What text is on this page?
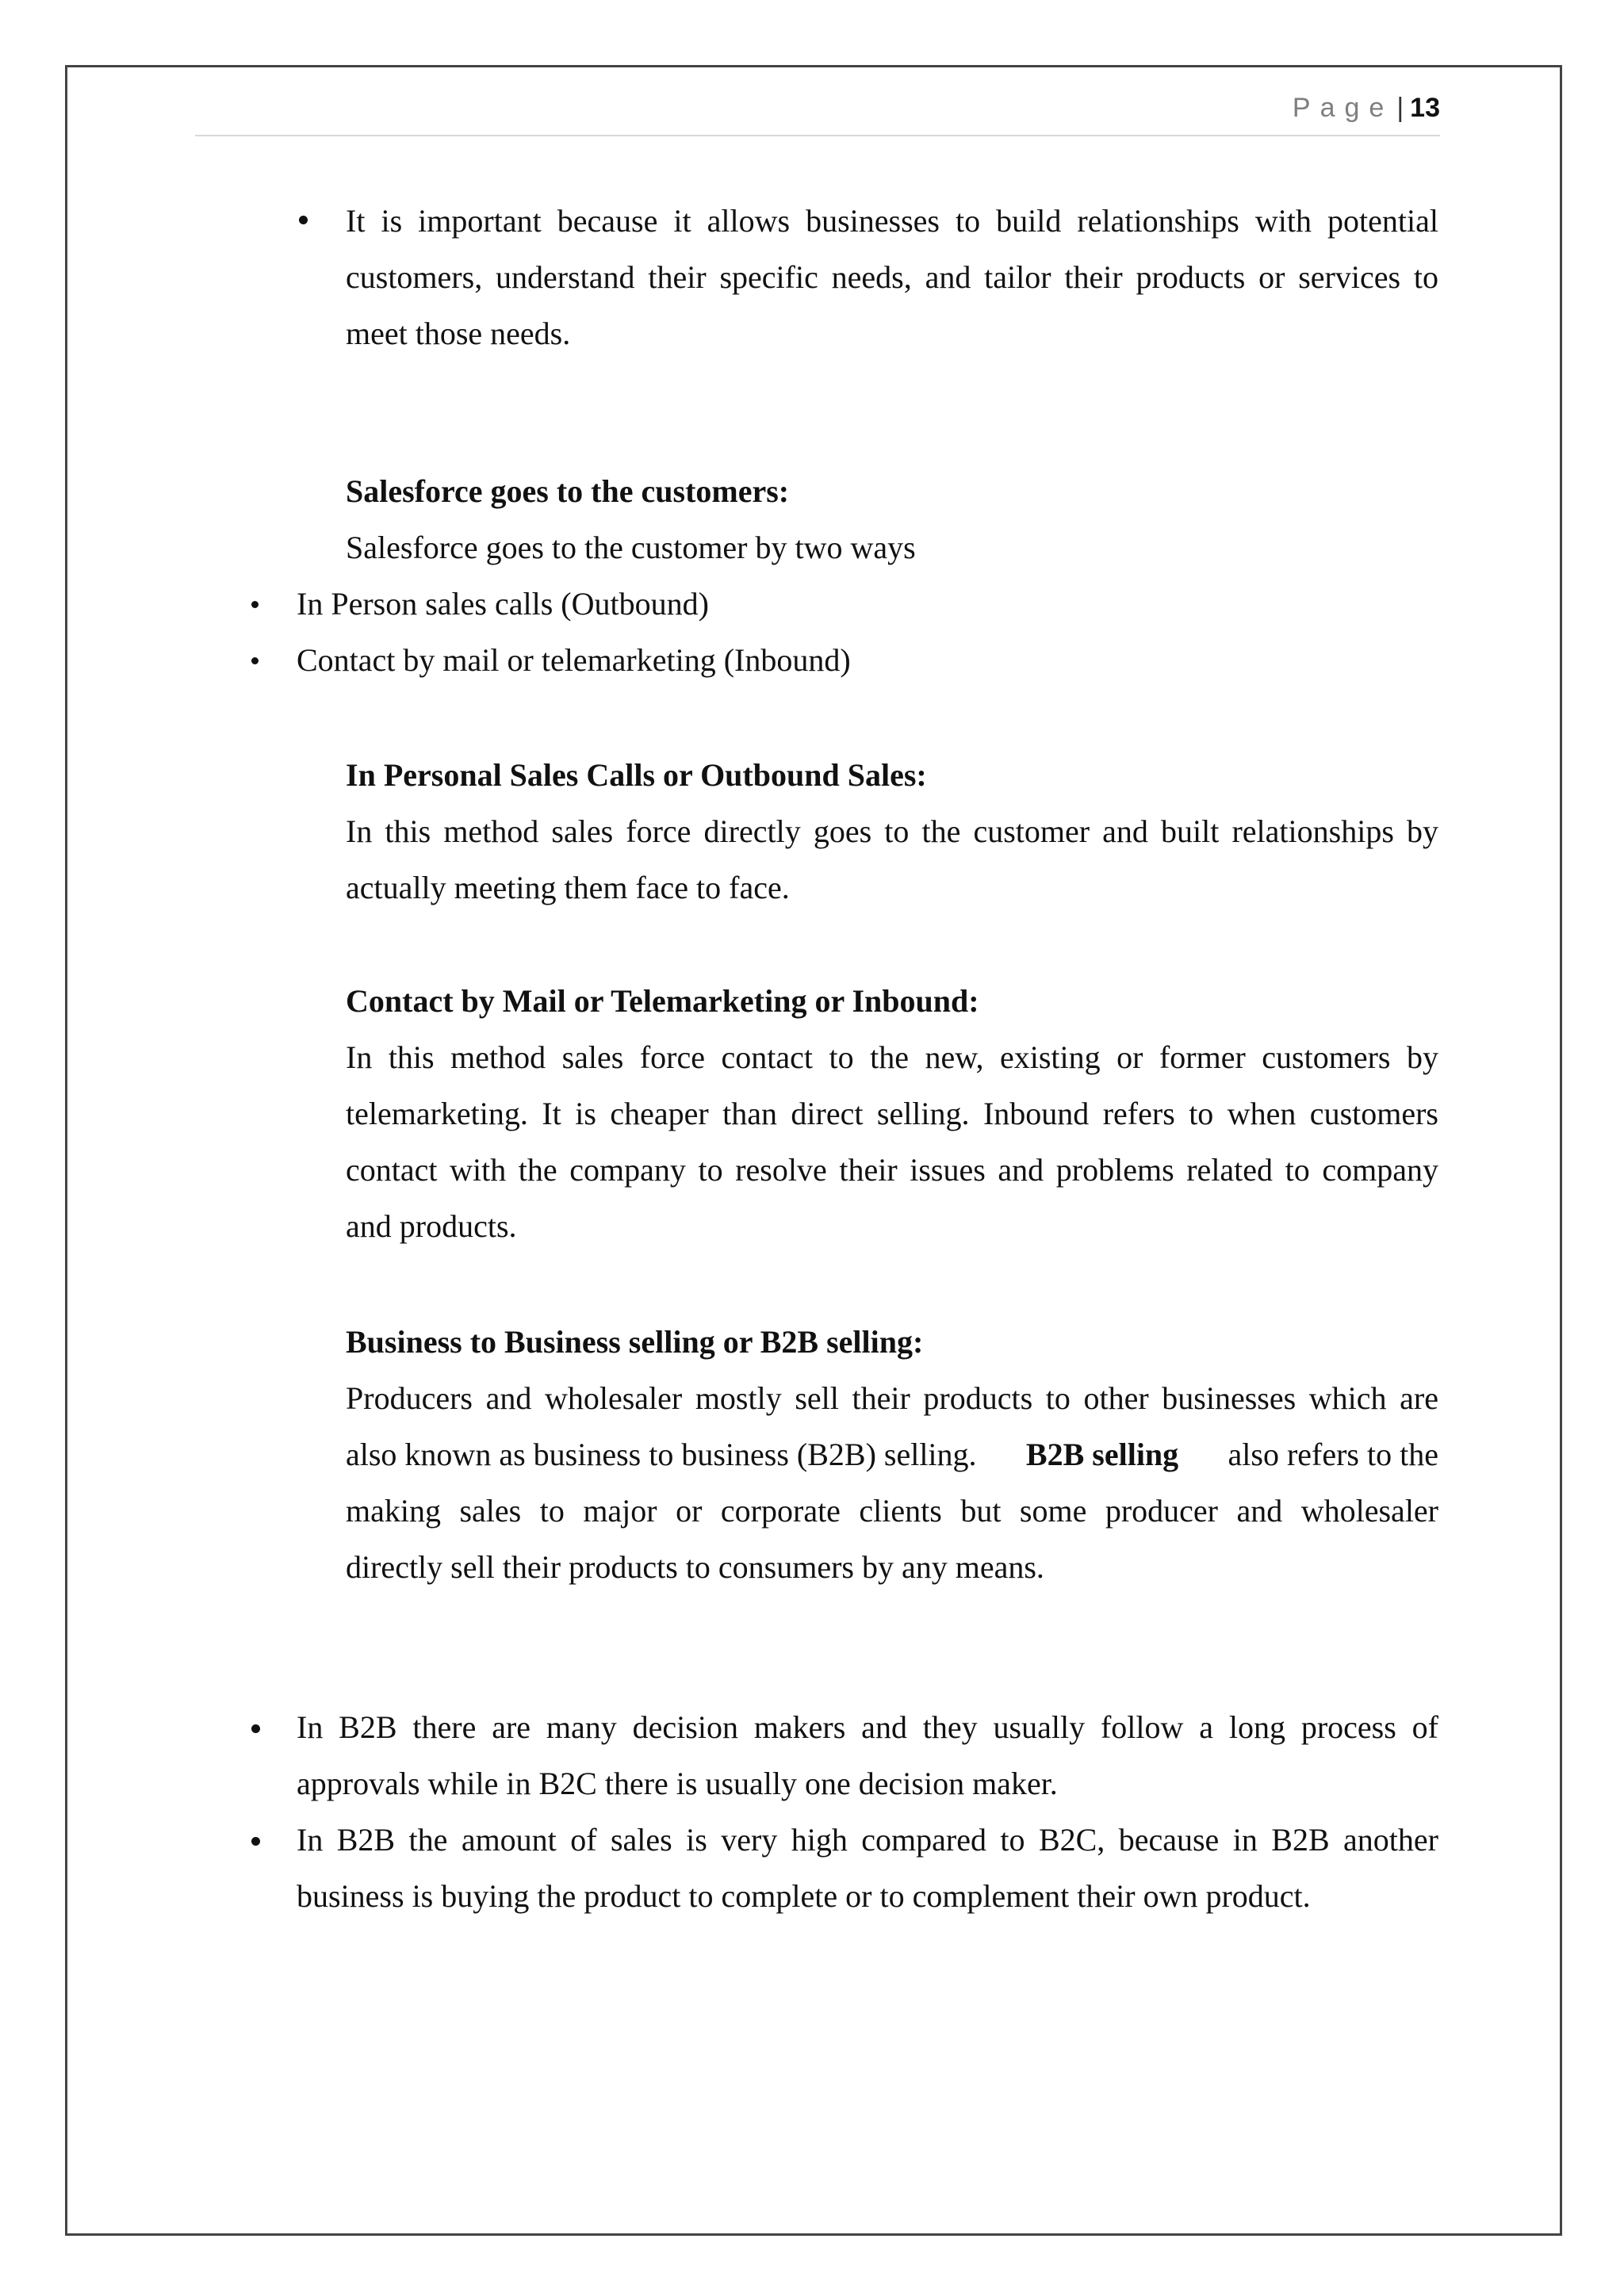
Page | 13
It is important because it allows businesses to build relationships with potential
customers, understand their specific needs, and tailor their products or services to
meet those needs.
Salesforce goes to the customers:
Salesforce goes to the customer by two ways
In Person sales calls (Outbound)
Contact by mail or telemarketing (Inbound)
In Personal Sales Calls or Outbound Sales:
In this method sales force directly goes to the customer and built relationships by
actually meeting them face to face.
Contact by Mail or Telemarketing or Inbound:
In this method sales force contact to the new, existing or former customers by
telemarketing. It is cheaper than direct selling. Inbound refers to when customers
contact with the company to resolve their issues and problems related to company
and products.
Business to Business selling or B2B selling:
Producers and wholesaler mostly sell their products to other businesses which are
also known as business to business (B2B) selling. B2B selling also refers to the
making sales to major or corporate clients but some producer and wholesaler
directly sell their products to consumers by any means.
In B2B there are many decision makers and they usually follow a long process of
approvals while in B2C there is usually one decision maker.
In B2B the amount of sales is very high compared to B2C, because in B2B another
business is buying the product to complete or to complement their own product.
